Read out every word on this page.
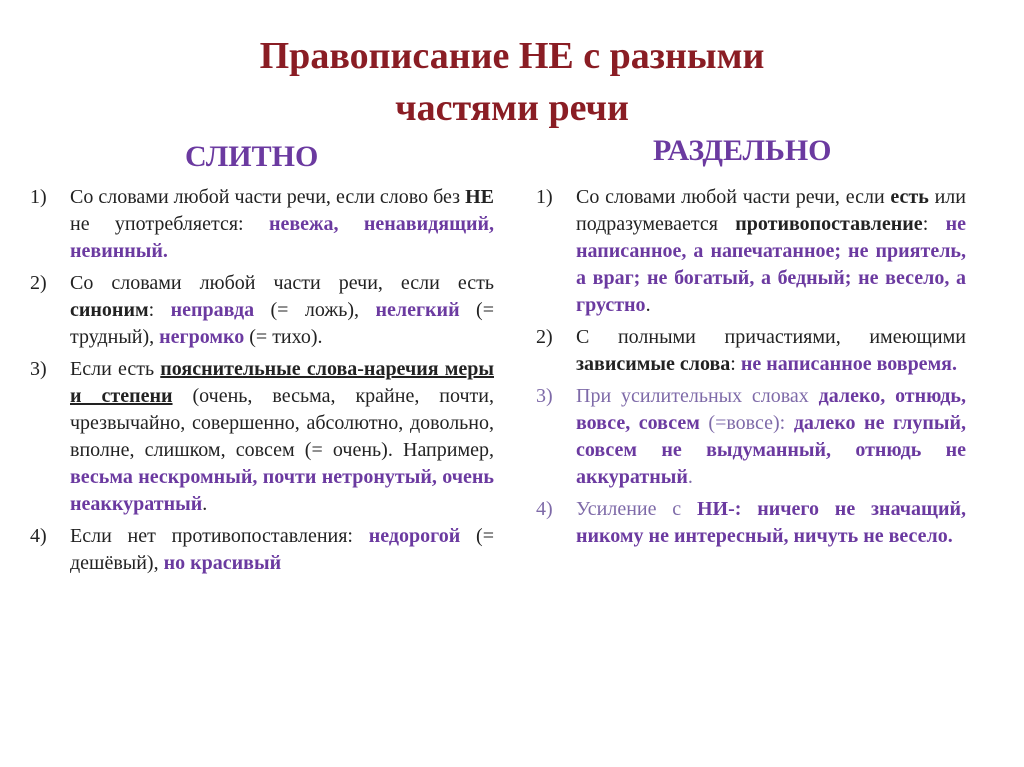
Правописание НЕ с разными
частями речи
СЛИТНО	РАЗДЕЛЬНО
1) Со словами любой части речи, если слово без НЕ не употребляется: невежа, ненавидящий, невинный.
2) Со словами любой части речи, если есть синоним: неправда (= ложь), нелегкий (= трудный), негромко (= тихо).
3) Если есть пояснительные слова-наречия меры и степени (очень, весьма, крайне, почти, чрезвычайно, совершенно, абсолютно, довольно, вполне, слишком, совсем (= очень). Например, весьма нескромный, почти нетронутый, очень неаккуратный.
4) Если нет противопоставления: недорогой (= дешёвый), но красивый
1) Со словами любой части речи, если есть или подразумевается противопоставление: не написанное, а напечатанное; не приятель, а враг; не богатый, а бедный; не весело, а грустно.
2) С полными причастиями, имеющими зависимые слова: не написанное вовремя.
3) При усилительных словах далеко, отнюдь, вовсе, совсем (=вовсе): далеко не глупый, совсем не выдуманный, отнюдь не аккуратный.
4) Усиление с НИ-: ничего не значащий, никому не интересный, ничуть не весело.
